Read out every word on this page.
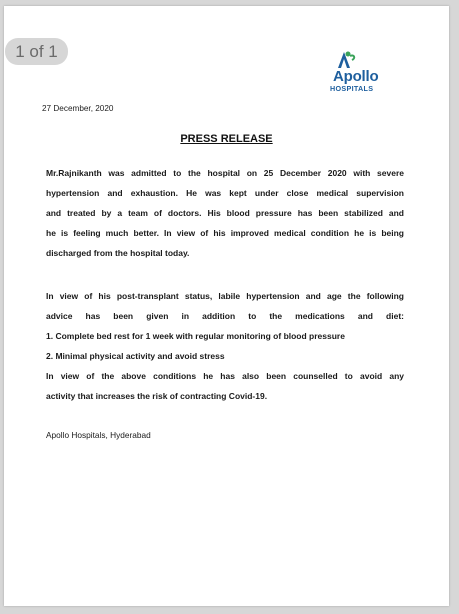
Apollo
HOSPITALS
27 December, 2020
PRESS RELEASE
Mr.Rajnikanth was admitted to the hospital on 25 December 2020 with severe
hypertension and exhaustion. He was kept under close medical supervision
and treated by a team of doctors. His blood pressure has been stabilized and
he is feeling much better. In view of his improved medical condition he is being
discharged from the hospital today.
In view of his post-transplant status, labile hypertension and age the following
advice has been given in addition to the medications and diet:
1. Complete bed rest for 1 week with regular monitoring of blood pressure
2. Minimal physical activity and avoid stress
In view of the above conditions he has also been counselled to avoid any
activity that increases the risk of contracting Covid-19.
Apollo Hospitals, Hyderabad
1 of 1
